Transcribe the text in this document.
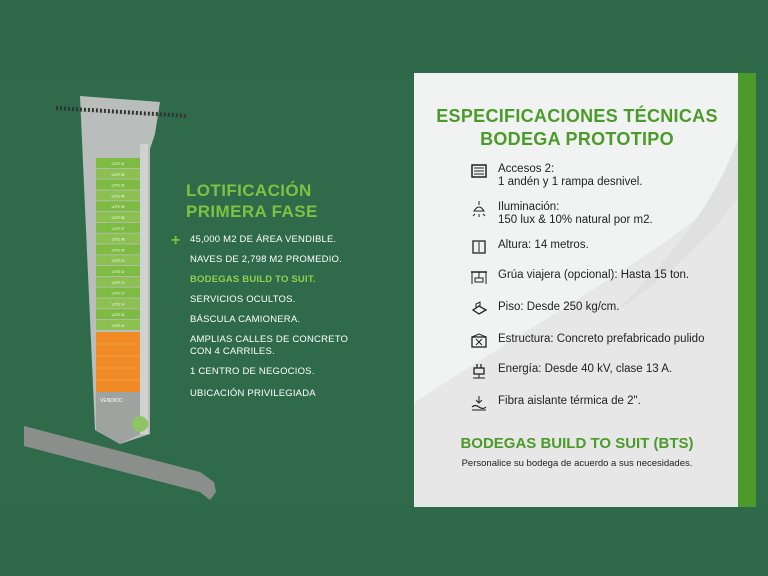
LOTE 01
LOTE 02
LOTE 03
LOTE 04
LOTE 05
LOTE 06
LOTE 07
LOTE 08
LOTE 09
LOTE 10
LOTE 11
LOTE 12
LOTE 13
LOTE 14
LOTE 15
LOTE 16
VENDIDO
LOTIFICACIÓN
PRIMERA FASE
+ 45,000 M2 DE ÁREA VENDIBLE.
NAVES DE 2,798 M2 PROMEDIO.
BODEGAS BUILD TO SUIT.
SERVICIOS OCULTOS.
BÁSCULA CAMIONERA.
AMPLIAS CALLES DE CONCRETO
CON 4 CARRILES.
1 CENTRO DE NEGOCIOS.
UBICACIÓN PRIVILEGIADA
ESPECIFICACIONES TÉCNICAS
BODEGA PROTOTIPO
Accesos 2:
1 andén y 1 rampa desnivel.
Iluminación:
150 lux & 10% natural por m2.
Altura: 14 metros.
Grúa viajera (opcional): Hasta 15 ton.
Piso: Desde 250 kg/cm.
Estructura: Concreto prefabricado pulido
Energía: Desde 40 kV, clase 13 A.
Fibra aislante térmica de 2".
BODEGAS BUILD TO SUIT (BTS)
Personalice su bodega de acuerdo a sus necesidades.
